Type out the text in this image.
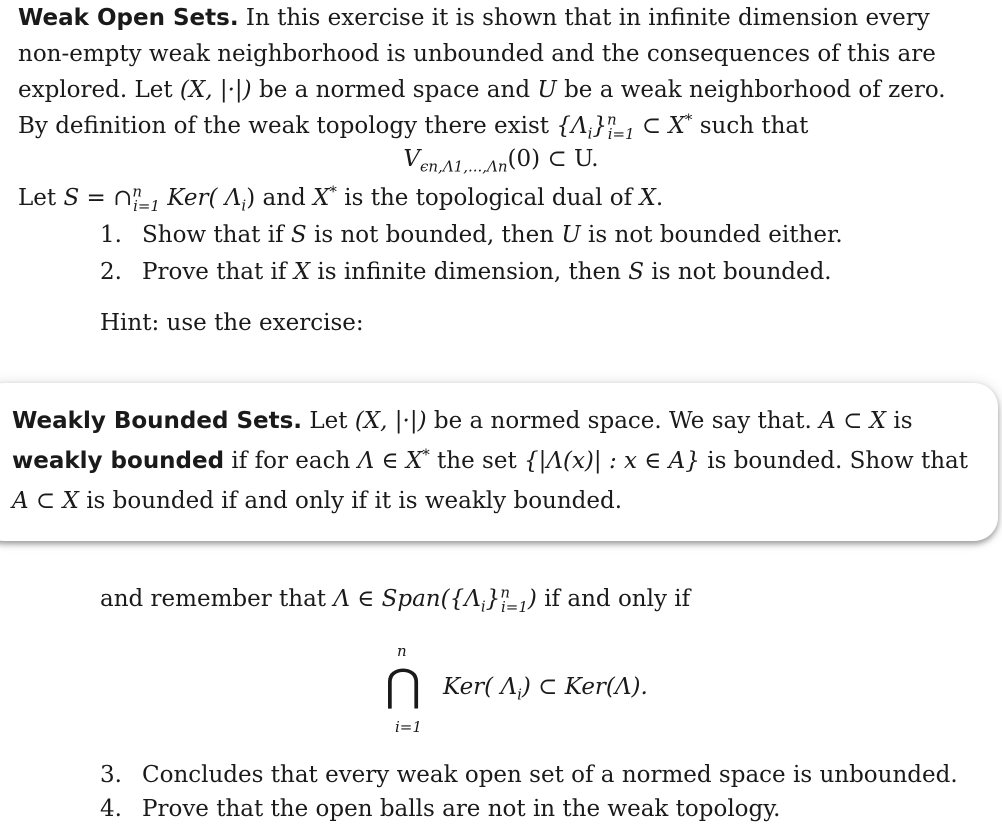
Weak Open Sets. In this exercise it is shown that in infinite dimension every
non-empty weak neighborhood is unbounded and the consequences of this are
explored. Let (X, |·|) be a normed space and U be a weak neighborhood of zero.
By definition of the weak topology there exist $\{\Lambda_i\}^n_{i=1}$ ⊂ X* such that
$V_{\epsilon n,\Lambda 1,...,\Lambda n}(0)$ ⊂ U.
Let S = ∩$^n_{i=1}$ Ker( $\Lambda_i$) and X* is the topological dual of X.
1. Show that if S is not bounded, then U is not bounded either.
2. Prove that if X is infinite dimension, then S is not bounded.
Hint: use the exercise:
Weakly Bounded Sets. Let (X, |·|) be a normed space. We say that. A ⊂ X is
weakly bounded if for each Λ ∈ X* the set {|Λ(x)| : x ∈ A} is bounded. Show that
A ⊂ X is bounded if and only if it is weakly bounded.
and remember that Λ ∈ $Span(\{\Lambda_i\}^n_{i=1})$ if and only if
n
⋂
i=1
Ker( $\Lambda_i$) ⊂ Ker(Λ).
3. Concludes that every weak open set of a normed space is unbounded.
4. Prove that the open balls are not in the weak topology.
